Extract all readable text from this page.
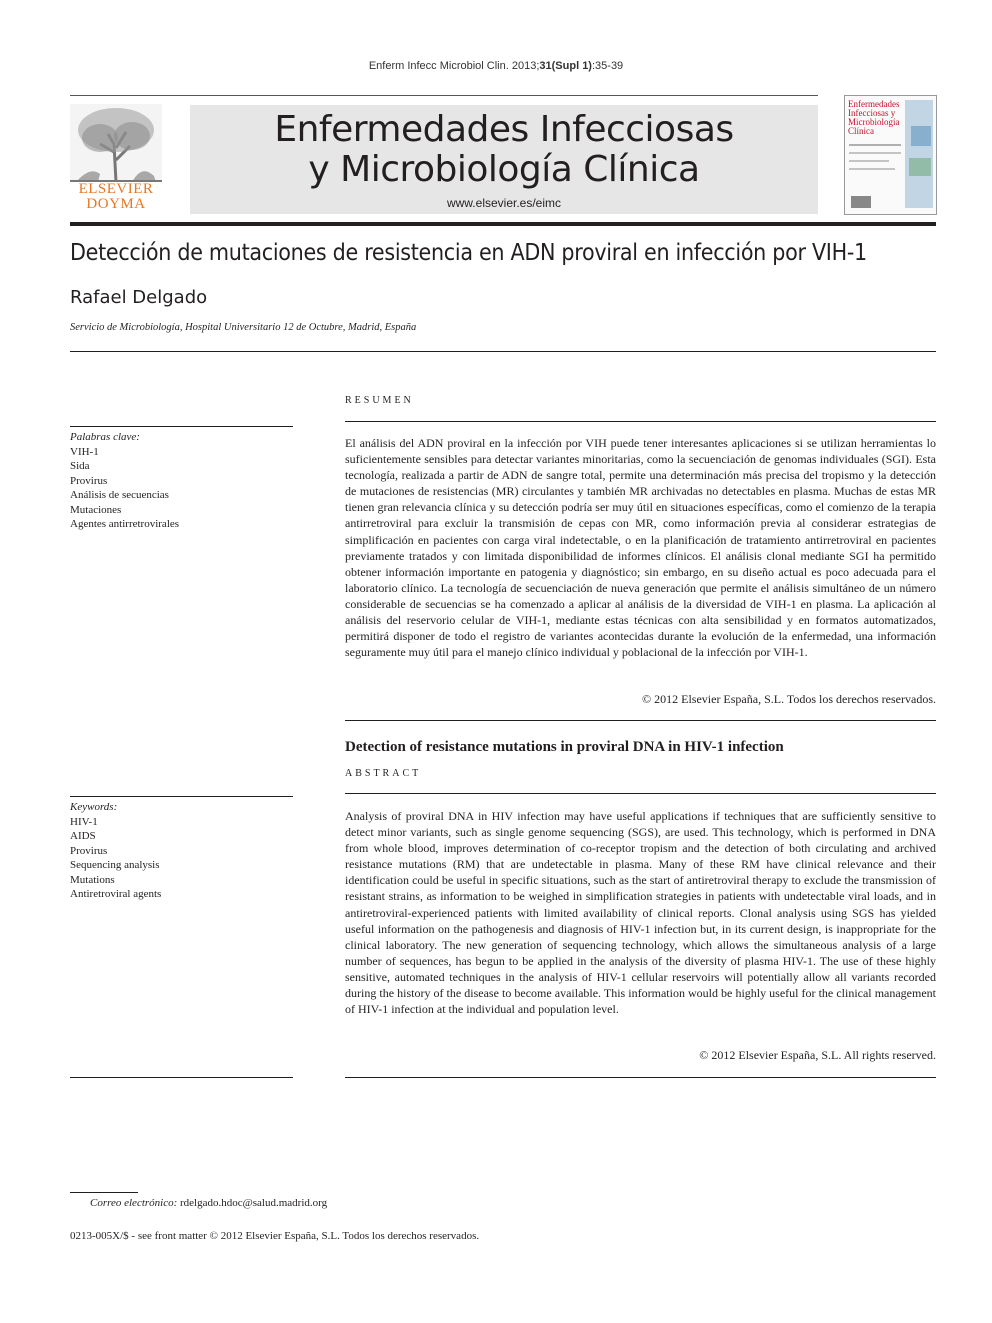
Enferm Infecc Microbiol Clin. 2013;31(Supl 1):35-39
ELSEVIER
DOYMA
Enfermedades Infecciosas
y Microbiología Clínica
www.elsevier.es/eimc
Enfermedades Infecciosas y Microbiología Clínica
Detección de mutaciones de resistencia en ADN proviral en infección por VIH-1
Rafael Delgado
Servicio de Microbiología, Hospital Universitario 12 de Octubre, Madrid, España
RESUMEN
Palabras clave:
VIH-1
Sida
Provirus
Análisis de secuencias
Mutaciones
Agentes antirretrovirales
El análisis del ADN proviral en la infección por VIH puede tener interesantes aplicaciones si se utilizan herramientas lo suficientemente sensibles para detectar variantes minoritarias, como la secuenciación de genomas individuales (SGI). Esta tecnología, realizada a partir de ADN de sangre total, permite una determinación más precisa del tropismo y la detección de mutaciones de resistencias (MR) circulantes y también MR archivadas no detectables en plasma. Muchas de estas MR tienen gran relevancia clínica y su detección podría ser muy útil en situaciones específicas, como el comienzo de la terapia antirretroviral para excluir la transmisión de cepas con MR, como información previa al considerar estrategias de simplificación en pacientes con carga viral indetectable, o en la planificación de tratamiento antirretroviral en pacientes previamente tratados y con limitada disponibilidad de informes clínicos. El análisis clonal mediante SGI ha permitido obtener información importante en patogenia y diagnóstico; sin embargo, en su diseño actual es poco adecuada para el laboratorio clínico. La tecnología de secuenciación de nueva generación que permite el análisis simultáneo de un número considerable de secuencias se ha comenzado a aplicar al análisis de la diversidad de VIH-1 en plasma. La aplicación al análisis del reservorio celular de VIH-1, mediante estas técnicas con alta sensibilidad y en formatos automatizados, permitirá disponer de todo el registro de variantes acontecidas durante la evolución de la enfermedad, una información seguramente muy útil para el manejo clínico individual y poblacional de la infección por VIH-1.
© 2012 Elsevier España, S.L. Todos los derechos reservados.
Detection of resistance mutations in proviral DNA in HIV-1 infection
ABSTRACT
Keywords:
HIV-1
AIDS
Provirus
Sequencing analysis
Mutations
Antiretroviral agents
Analysis of proviral DNA in HIV infection may have useful applications if techniques that are sufficiently sensitive to detect minor variants, such as single genome sequencing (SGS), are used. This technology, which is performed in DNA from whole blood, improves determination of co-receptor tropism and the detection of both circulating and archived resistance mutations (RM) that are undetectable in plasma. Many of these RM have clinical relevance and their identification could be useful in specific situations, such as the start of antiretroviral therapy to exclude the transmission of resistant strains, as information to be weighed in simplification strategies in patients with undetectable viral loads, and in antiretroviral-experienced patients with limited availability of clinical reports. Clonal analysis using SGS has yielded useful information on the pathogenesis and diagnosis of HIV-1 infection but, in its current design, is inappropriate for the clinical laboratory. The new generation of sequencing technology, which allows the simultaneous analysis of a large number of sequences, has begun to be applied in the analysis of the diversity of plasma HIV-1. The use of these highly sensitive, automated techniques in the analysis of HIV-1 cellular reservoirs will potentially allow all variants recorded during the history of the disease to become available. This information would be highly useful for the clinical management of HIV-1 infection at the individual and population level.
© 2012 Elsevier España, S.L. All rights reserved.
Correo electrónico: rdelgado.hdoc@salud.madrid.org
0213-005X/$ - see front matter © 2012 Elsevier España, S.L. Todos los derechos reservados.
